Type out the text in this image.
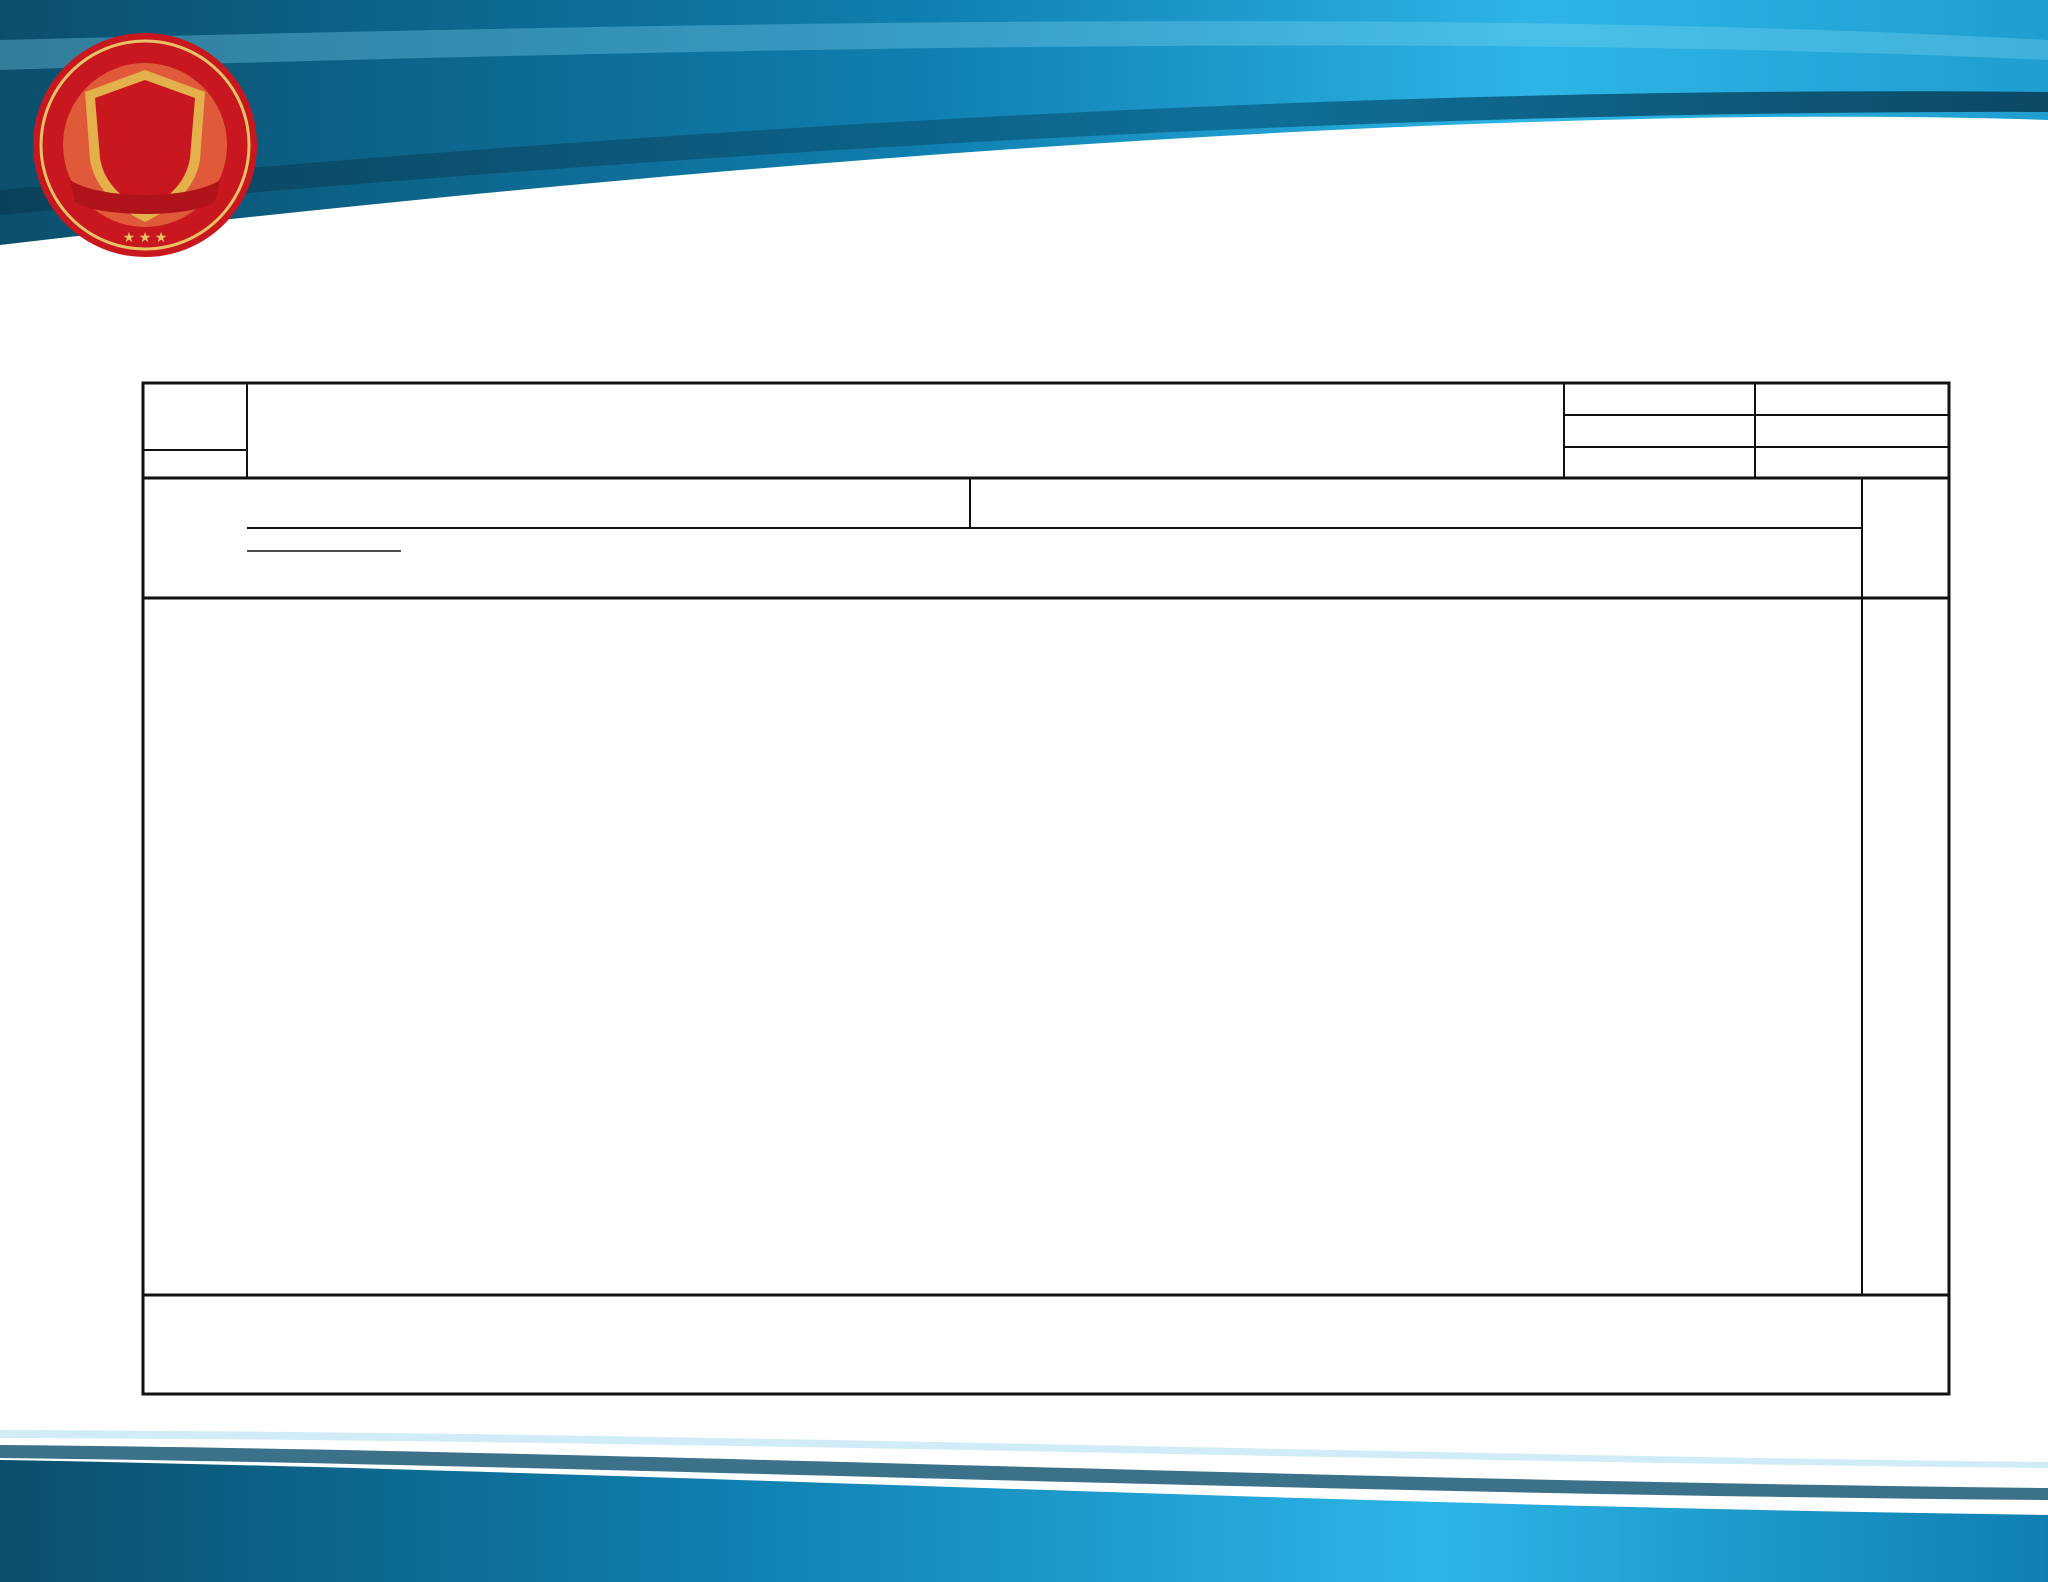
★ ★ ★
